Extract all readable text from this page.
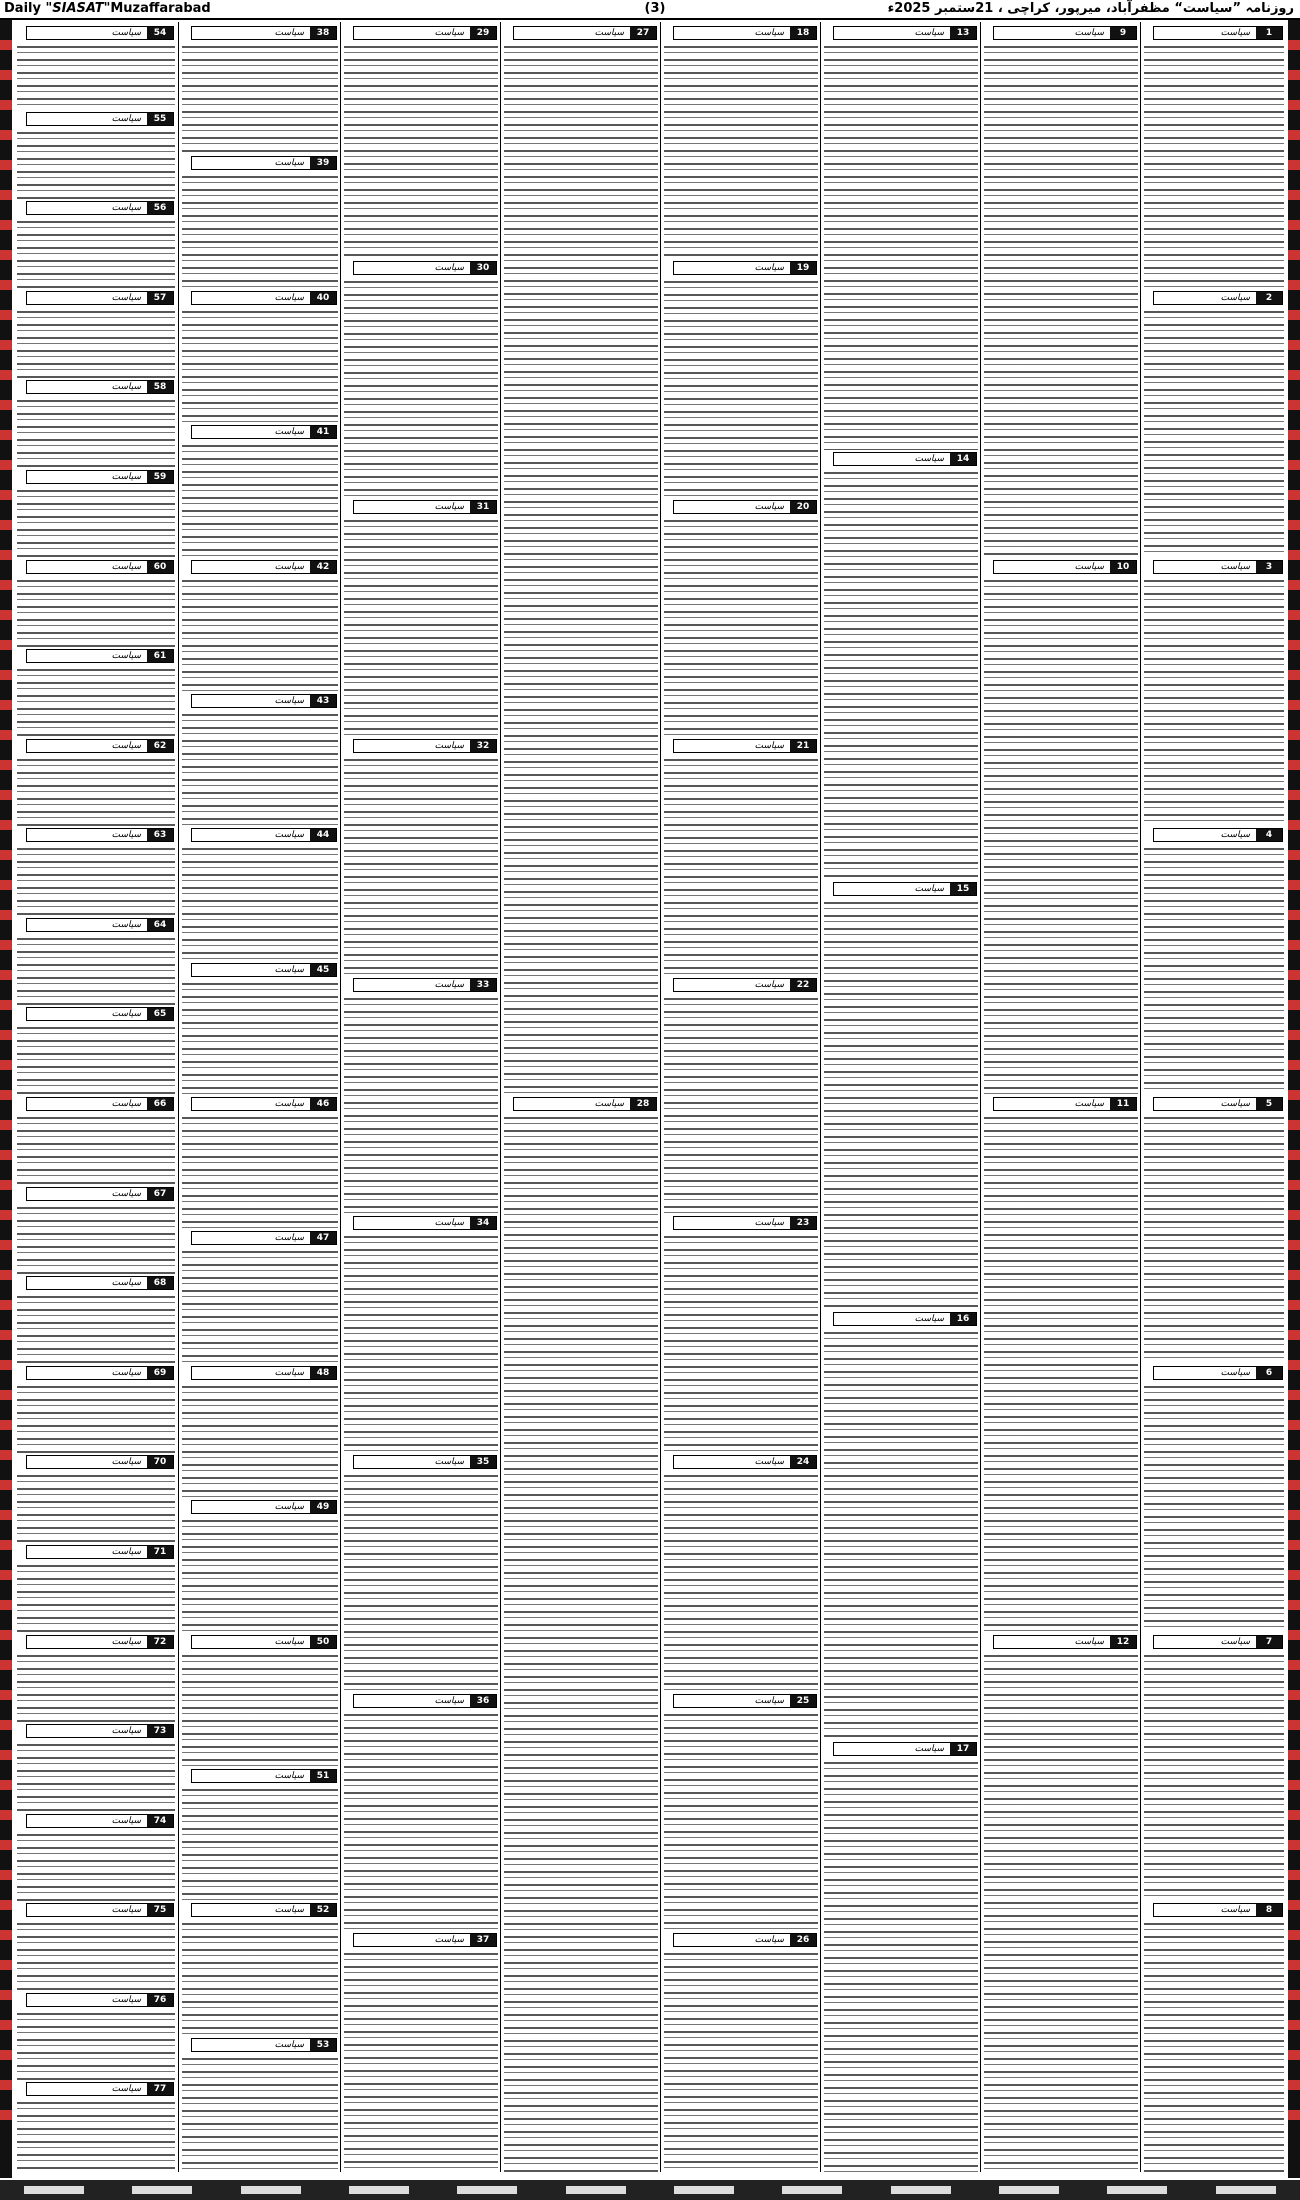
Daily "SIASAT"Muzaffarabad	(3)	روزنامہ ”سیاست“ مظفرآباد، میرپور، کراچی ، 21ستمبر 2025ء
سیاست	54
سیاست	55
سیاست	56
سیاست	57
سیاست	58
سیاست	59
سیاست	60
سیاست	61
سیاست	62
سیاست	63
سیاست	64
سیاست	65
سیاست	66
سیاست	67
سیاست	68
سیاست	69
سیاست	70
سیاست	71
سیاست	72
سیاست	73
سیاست	74
سیاست	75
سیاست	76
سیاست	77
سیاست	38
سیاست	39
سیاست	40
سیاست	41
سیاست	42
سیاست	43
سیاست	44
سیاست	45
سیاست	46
سیاست	47
سیاست	48
سیاست	49
سیاست	50
سیاست	51
سیاست	52
سیاست	53
سیاست	29
سیاست	30
سیاست	31
سیاست	32
سیاست	33
سیاست	34
سیاست	35
سیاست	36
سیاست	37
سیاست	27
سیاست	28
سیاست	18
سیاست	19
سیاست	20
سیاست	21
سیاست	22
سیاست	23
سیاست	24
سیاست	25
سیاست	26
سیاست	13
سیاست	14
سیاست	15
سیاست	16
سیاست	17
سیاست	9
سیاست	10
سیاست	11
سیاست	12
سیاست	1
سیاست	2
سیاست	3
سیاست	4
سیاست	5
سیاست	6
سیاست	7
سیاست	8
